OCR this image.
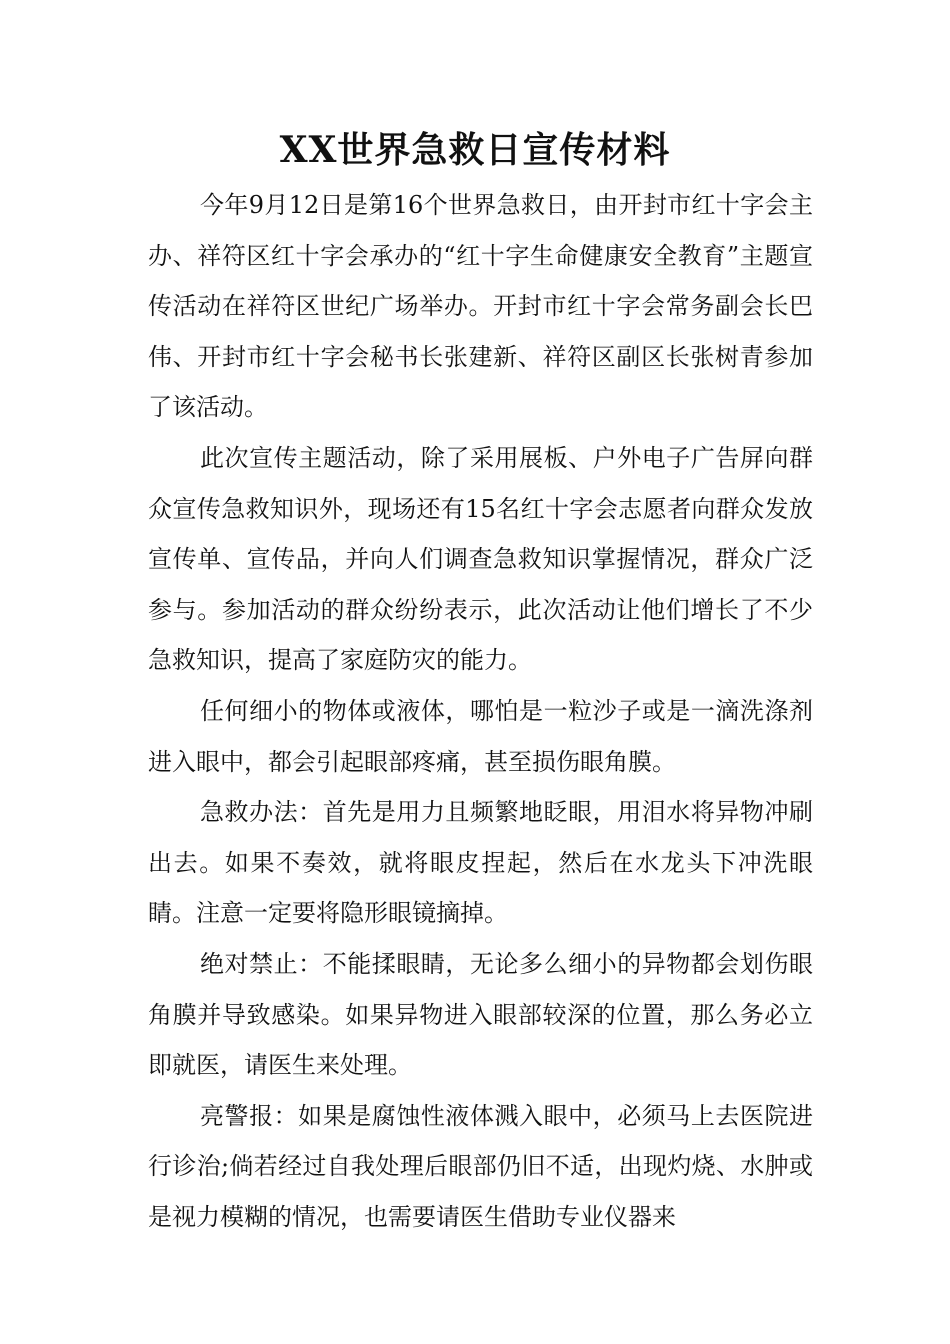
XX世界急救日宣传材料

今年9月12日是第16个世界急救日，由开封市红十字会主办、祥符区红十字会承办的“红十字生命健康安全教育”主题宣传活动在祥符区世纪广场举办。开封市红十字会常务副会长巴伟、开封市红十字会秘书长张建新、祥符区副区长张树青参加了该活动。

此次宣传主题活动，除了采用展板、户外电子广告屏向群众宣传急救知识外，现场还有15名红十字会志愿者向群众发放宣传单、宣传品，并向人们调查急救知识掌握情况，群众广泛参与。参加活动的群众纷纷表示，此次活动让他们增长了不少急救知识，提高了家庭防灾的能力。

任何细小的物体或液体，哪怕是一粒沙子或是一滴洗涤剂进入眼中，都会引起眼部疼痛，甚至损伤眼角膜。

急救办法：首先是用力且频繁地眨眼，用泪水将异物冲刷出去。如果不奏效，就将眼皮捏起，然后在水龙头下冲洗眼睛。注意一定要将隐形眼镜摘掉。

绝对禁止：不能揉眼睛，无论多么细小的异物都会划伤眼角膜并导致感染。如果异物进入眼部较深的位置，那么务必立即就医，请医生来处理。

亮警报：如果是腐蚀性液体溅入眼中，必须马上去医院进行诊治;倘若经过自我处理后眼部仍旧不适，出现灼烧、水肿或是视力模糊的情况，也需要请医生借助专业仪器来
